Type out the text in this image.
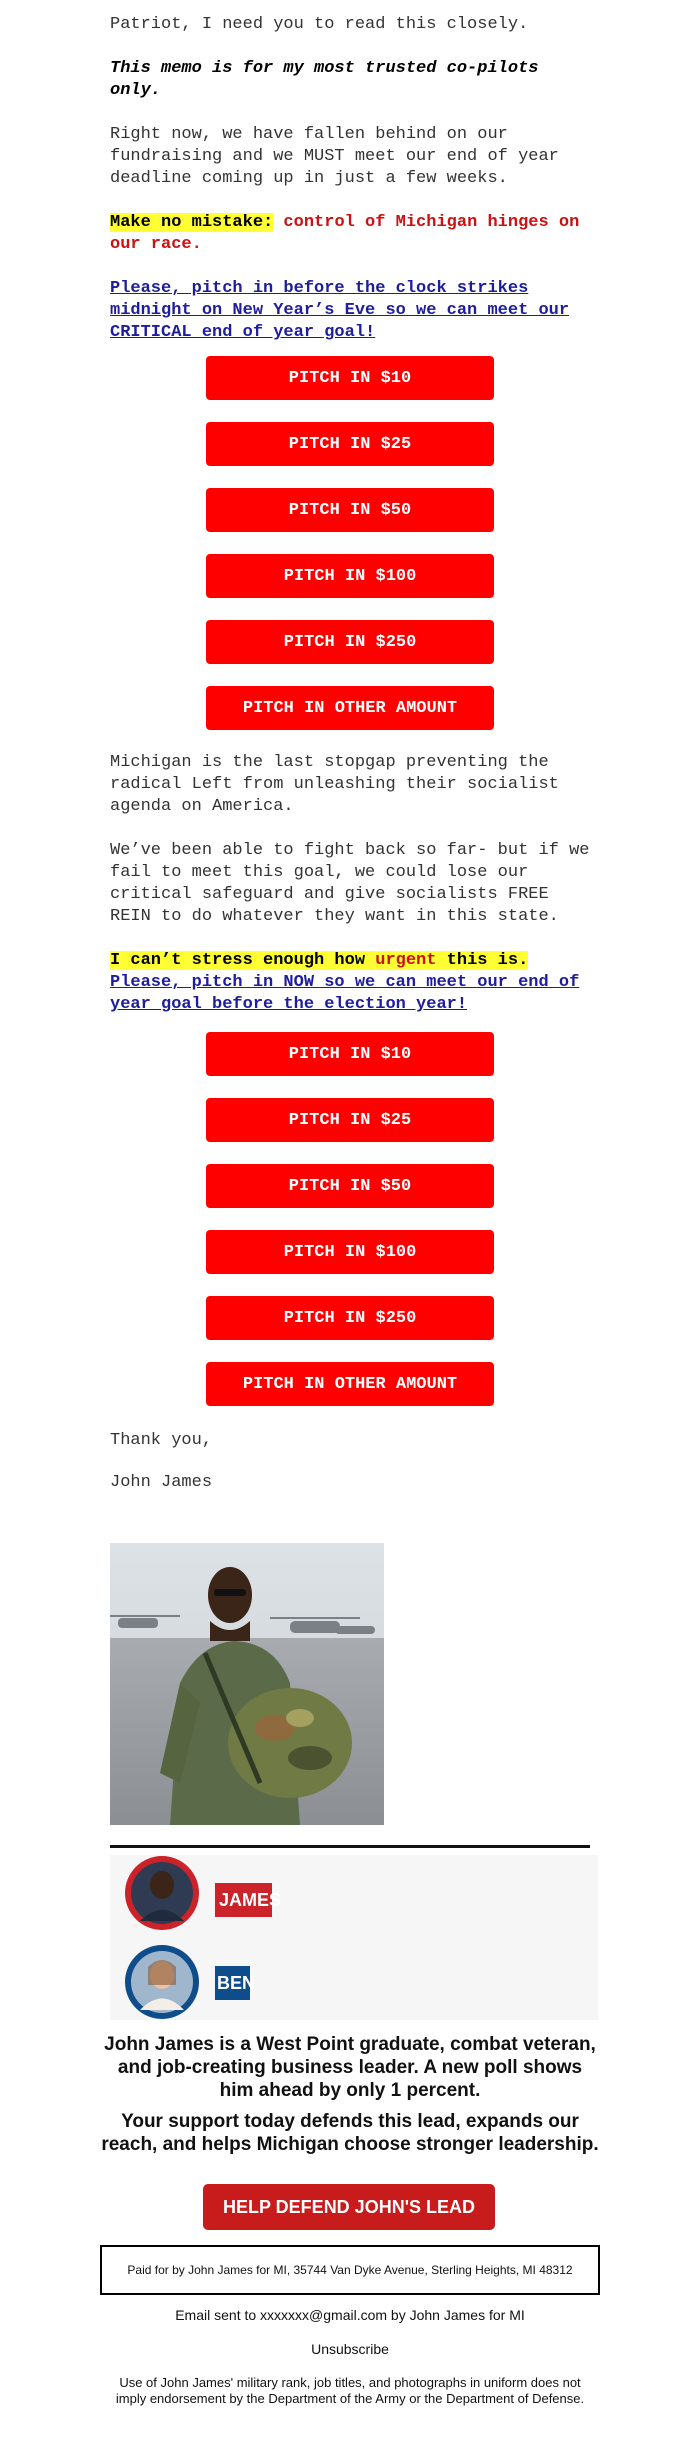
Patriot, I need you to read this closely.

This memo is for my most trusted co-pilots only.

Right now, we have fallen behind on our fundraising and we MUST meet our end of year deadline coming up in just a few weeks.

Make no mistake: control of Michigan hinges on our race.

Please, pitch in before the clock strikes midnight on New Year’s Eve so we can meet our CRITICAL end of year goal!

PITCH IN $10
PITCH IN $25
PITCH IN $50
PITCH IN $100
PITCH IN $250
PITCH IN OTHER AMOUNT

Michigan is the last stopgap preventing the radical Left from unleashing their socialist agenda on America.

We’ve been able to fight back so far- but if we fail to meet this goal, we could lose our critical safeguard and give socialists FREE REIN to do whatever they want in this state.

I can’t stress enough how urgent this is.
Please, pitch in NOW so we can meet our end of year goal before the election year!

PITCH IN $10
PITCH IN $25
PITCH IN $50
PITCH IN $100
PITCH IN $250
PITCH IN OTHER AMOUNT

Thank you,

John James

JAMES
BEN
John James is a West Point graduate, combat veteran, and job-creating business leader. A new poll shows him ahead by only 1 percent.
Your support today defends this lead, expands our reach, and helps Michigan choose stronger leadership.
HELP DEFEND JOHN'S LEAD
Paid for by John James for MI, 35744 Van Dyke Avenue, Sterling Heights, MI 48312
Email sent to xxxxxxx@gmail.com by John James for MI
Unsubscribe
Use of John James' military rank, job titles, and photographs in uniform does not imply endorsement by the Department of the Army or the Department of Defense.
